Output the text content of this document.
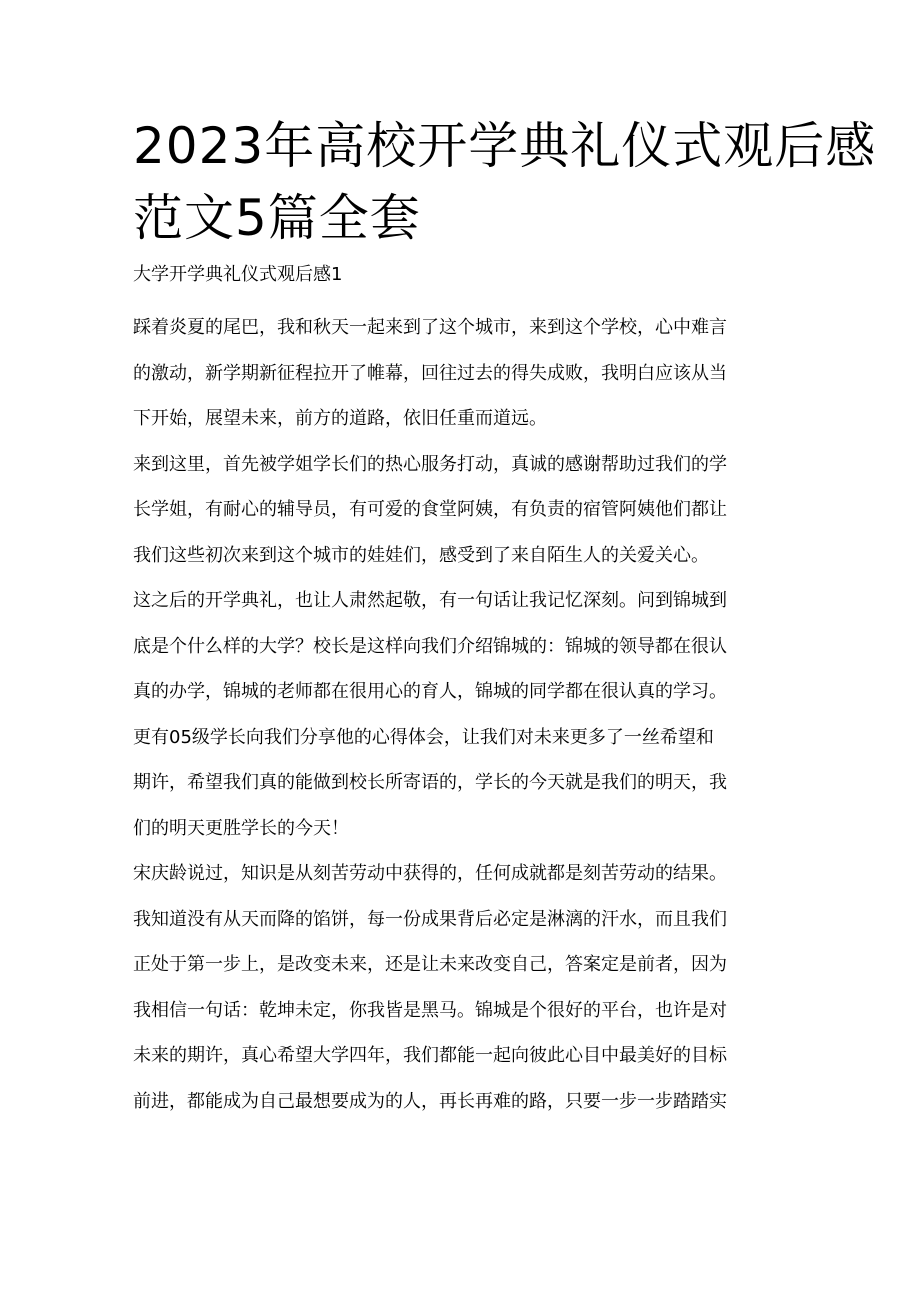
2023年高校开学典礼仪式观后感
范文5篇全套
大学开学典礼仪式观后感1

踩着炎夏的尾巴，我和秋天一起来到了这个城市，来到这个学校，心中难言
的激动，新学期新征程拉开了帷幕，回往过去的得失成败，我明白应该从当
下开始，展望未来，前方的道路，依旧任重而道远。

来到这里，首先被学姐学长们的热心服务打动，真诚的感谢帮助过我们的学
长学姐，有耐心的辅导员，有可爱的食堂阿姨，有负责的宿管阿姨他们都让
我们这些初次来到这个城市的娃娃们，感受到了来自陌生人的关爱关心。

这之后的开学典礼，也让人肃然起敬，有一句话让我记忆深刻。问到锦城到
底是个什么样的大学？校长是这样向我们介绍锦城的：锦城的领导都在很认
真的办学，锦城的老师都在很用心的育人，锦城的同学都在很认真的学习。

更有05级学长向我们分享他的心得体会，让我们对未来更多了一丝希望和
期许，希望我们真的能做到校长所寄语的，学长的今天就是我们的明天，我
们的明天更胜学长的今天！

宋庆龄说过，知识是从刻苦劳动中获得的，任何成就都是刻苦劳动的结果。
我知道没有从天而降的馅饼，每一份成果背后必定是淋漓的汗水，而且我们
正处于第一步上，是改变未来，还是让未来改变自己，答案定是前者，因为
我相信一句话：乾坤未定，你我皆是黑马。锦城是个很好的平台，也许是对
未来的期许，真心希望大学四年，我们都能一起向彼此心目中最美好的目标
前进，都能成为自己最想要成为的人，再长再难的路，只要一步一步踏踏实
